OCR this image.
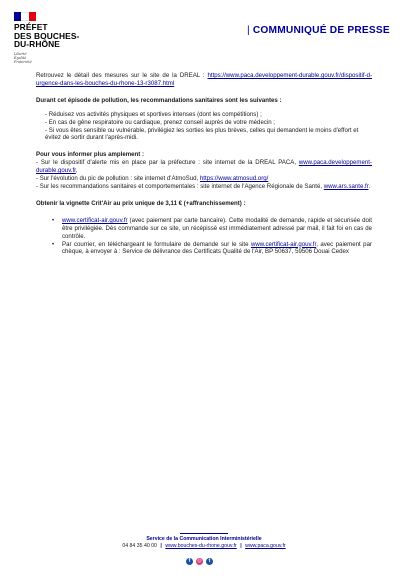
PRÉFET
DES BOUCHES-
DU-RHÔNE
Liberté
Égalité
Fraternité
| COMMUNIQUÉ DE PRESSE

Retrouvez le détail des mesures sur le site de la DREAL : https://www.paca.developpement-durable.gouv.fr/dispositif-d-urgence-dans-les-bouches-du-rhone-13-r3087.html

Durant cet épisode de pollution, les recommandations sanitaires sont les suivantes :

- Réduisez vos activités physiques et sportives intenses (dont les compétitions) ;

- En cas de gêne respiratoire ou cardiaque, prenez conseil auprès de votre médecin ;

- Si vous êtes sensible ou vulnérable, privilégiez les sorties les plus brèves, celles qui demandent le moins d'effort et évitez de sortir durant l'après-midi.

Pour vous informer plus amplement :

- Sur le dispositif d'alerte mis en place par la préfecture : site internet de la DREAL PACA, www.paca.developpement-durable.gouv.fr,

- Sur l'évolution du pic de pollution : site internet d'AtmoSud, https://www.atmosud.org/

- Sur les recommandations sanitaires et comportementales : site internet de l'Agence Régionale de Santé, www.ars.sante.fr.

Obtenir la vignette Crit'Air au prix unique de 3,11 € (+affranchissement) :

• www.certificat-air.gouv.fr (avec paiement par carte bancaire). Cette modalité de demande, rapide et sécurisée doit être privilégiée. Dès commande sur ce site, un récépissé est immédiatement adressé par mail, il fait foi en cas de contrôle.
• Par courrier, en téléchargeant le formulaire de demande sur le site www.certificat-air.gouv.fr, avec paiement par chèque, à envoyer à : Service de délivrance des Certificats Qualité de l'Air, BP 50637, 59506 Douai Cedex
Service de la Communication Interministérielle
04 84 35 40 00 | www.bouches-du-rhone.gouv.fr | www.paca.gouv.fr
f	◎	t
